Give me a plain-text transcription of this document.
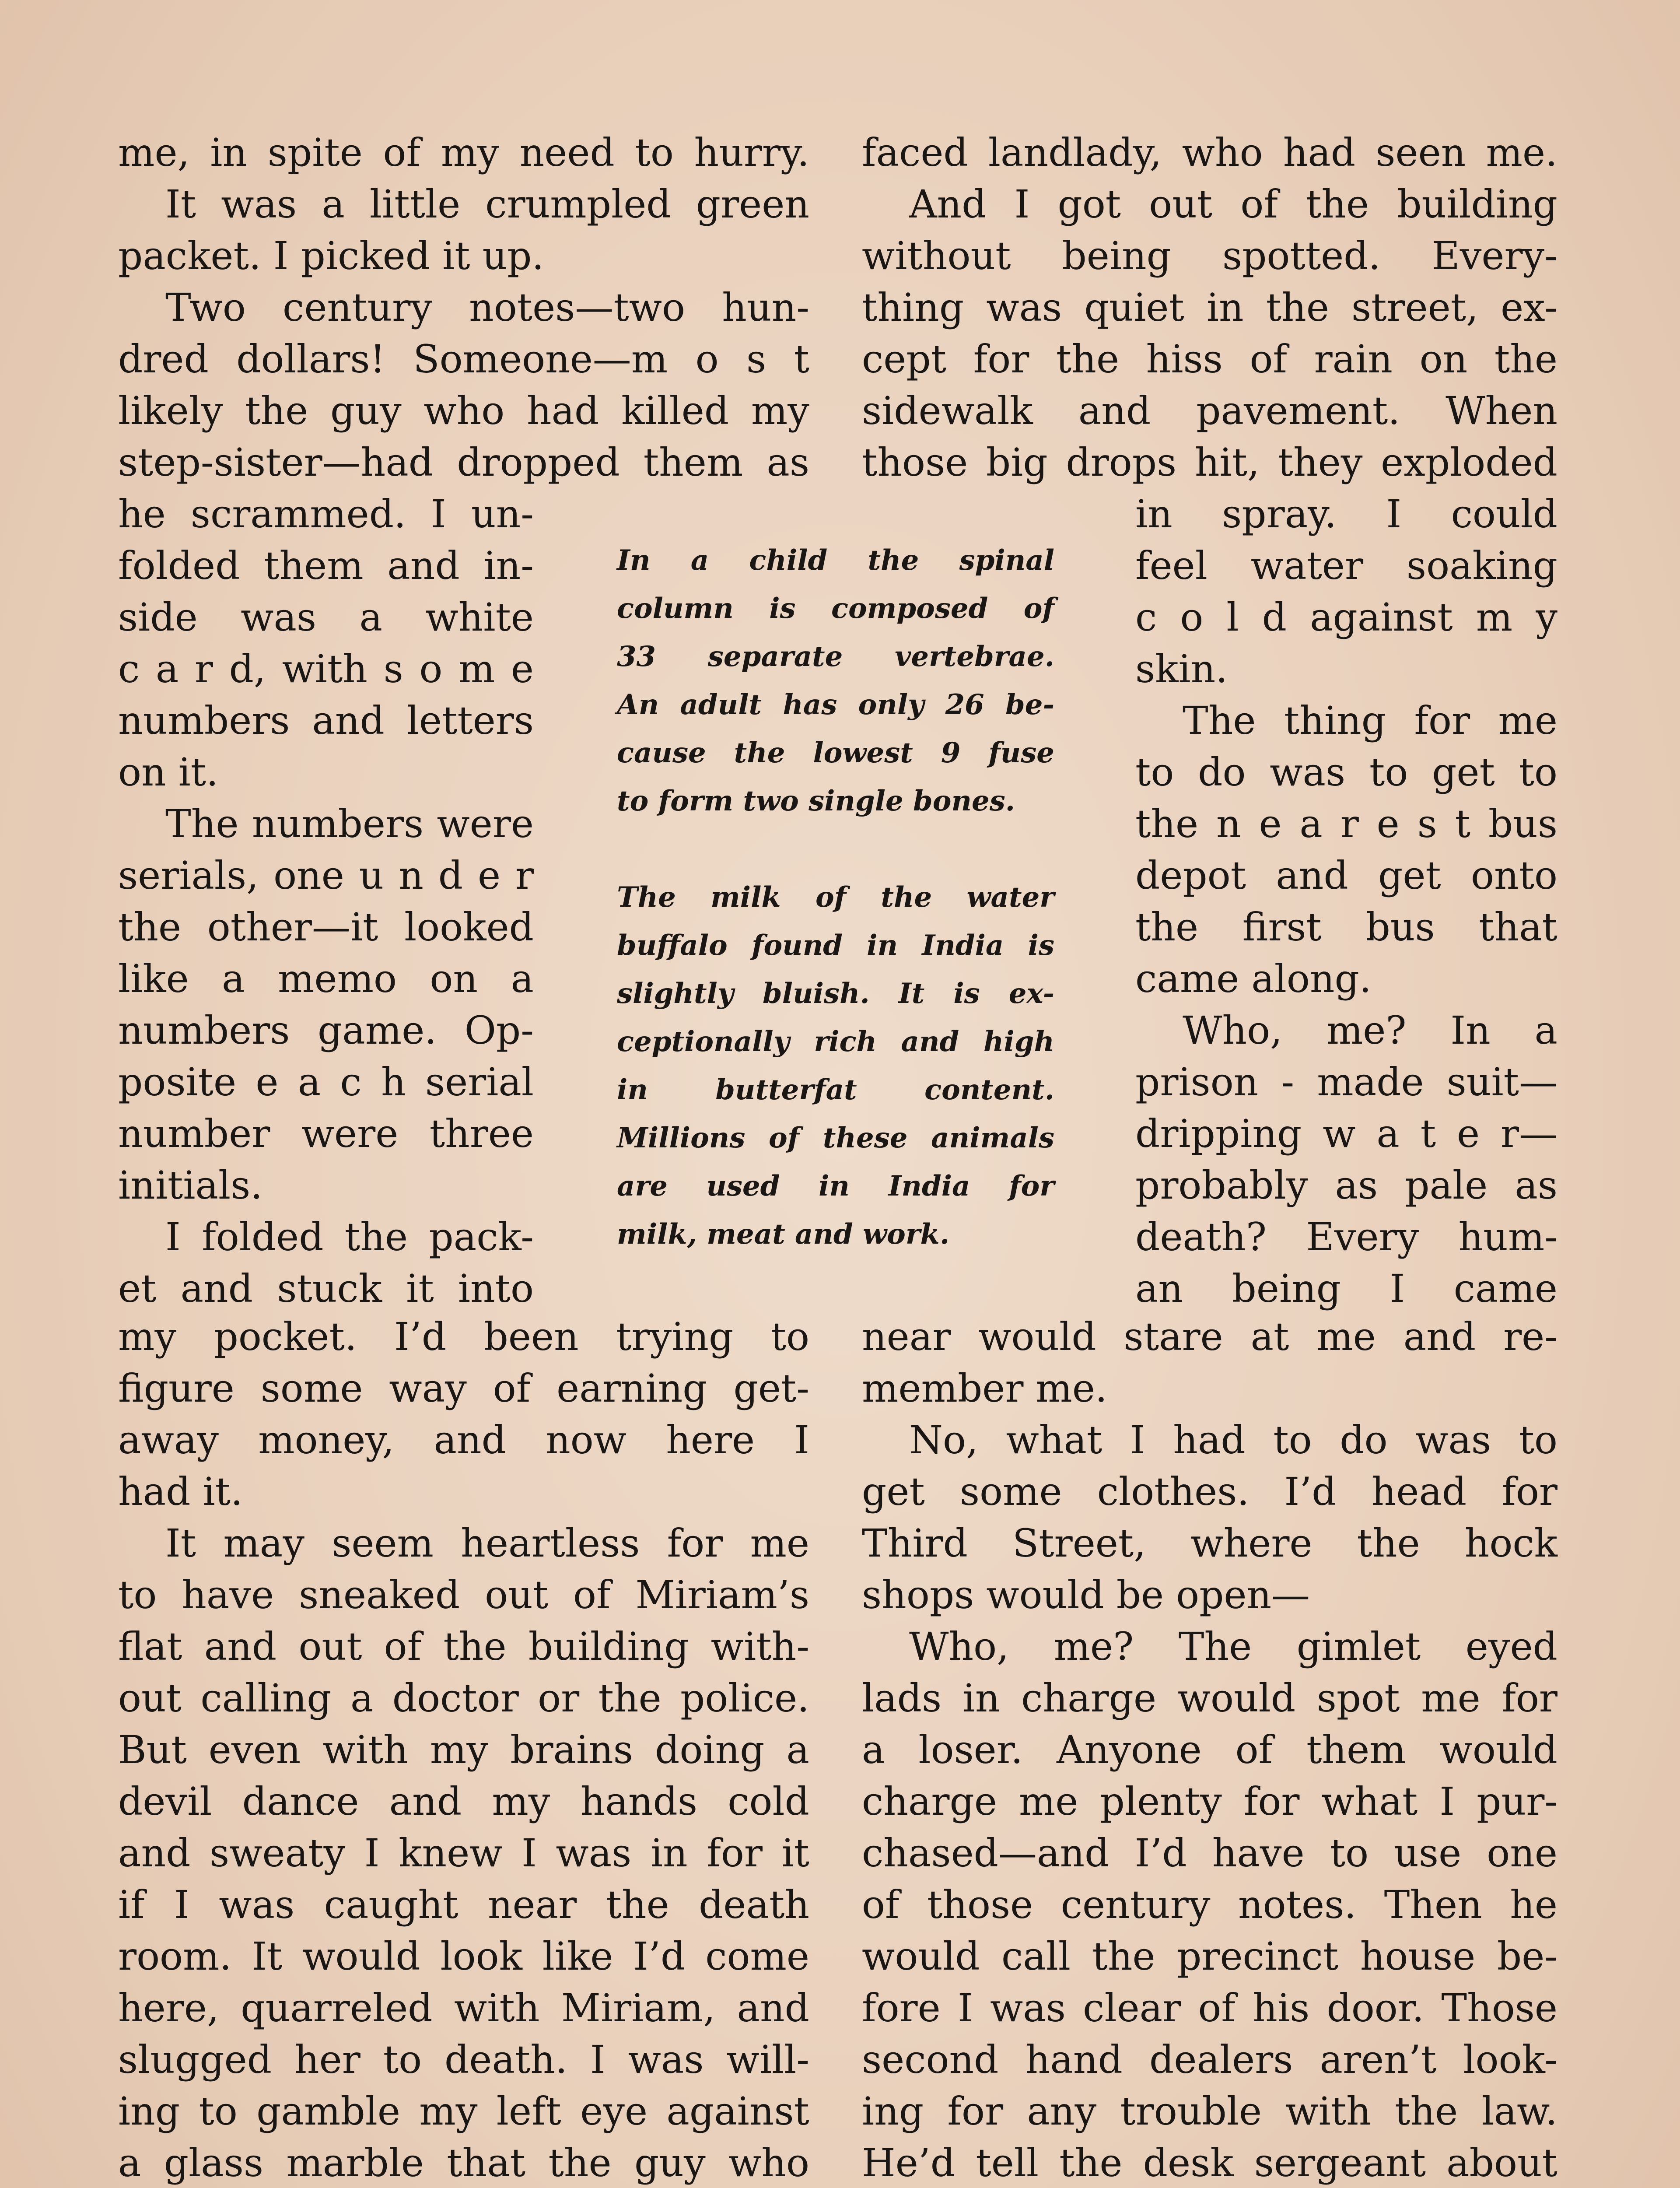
me, in spite of my need to hurry.
It was a little crumpled green
packet. I picked it up.
Two century notes—two hun-
dred dollars! Someone—m o s t
likely the guy who had killed my
step-sister—had dropped them as
he scrammed. I un-
folded them and in-
side was a white
c a r d, with s o m e
numbers and letters
on it.
The numbers were
serials, one u n d e r
the other—it looked
like a memo on a
numbers game. Op-
posite e a c h serial
number were three
initials.
I folded the pack-
et and stuck it into
my pocket. I’d been trying to
figure some way of earning get-
away money, and now here I
had it.
It may seem heartless for me
to have sneaked out of Miriam’s
flat and out of the building with-
out calling a doctor or the police.
But even with my brains doing a
devil dance and my hands cold
and sweaty I knew I was in for it
if I was caught near the death
room. It would look like I’d come
here, quarreled with Miriam, and
slugged her to death. I was will-
ing to gamble my left eye against
a glass marble that the guy who
faced landlady, who had seen me.
And I got out of the building
without being spotted. Every-
thing was quiet in the street, ex-
cept for the hiss of rain on the
sidewalk and pavement. When
those big drops hit, they exploded
in spray. I could
feel water soaking
c o l d against m y
skin.
The thing for me
to do was to get to
the n e a r e s t bus
depot and get onto
the first bus that
came along.
Who, me? In a
prison - made suit—
dripping w a t e r—
probably as pale as
death? Every hum-
an being I came
near would stare at me and re-
member me.
No, what I had to do was to
get some clothes. I’d head for
Third Street, where the hock
shops would be open—
Who, me? The gimlet eyed
lads in charge would spot me for
a loser. Anyone of them would
charge me plenty for what I pur-
chased—and I’d have to use one
of those century notes. Then he
would call the precinct house be-
fore I was clear of his door. Those
second hand dealers aren’t look-
ing for any trouble with the law.
He’d tell the desk sergeant about
In a child the spinal
column is composed of
33 separate vertebrae.
An adult has only 26 be-
cause the lowest 9 fuse
to form two single bones.
The milk of the water
buffalo found in India is
slightly bluish. It is ex-
ceptionally rich and high
in butterfat content.
Millions of these animals
are used in India for
milk, meat and work.
